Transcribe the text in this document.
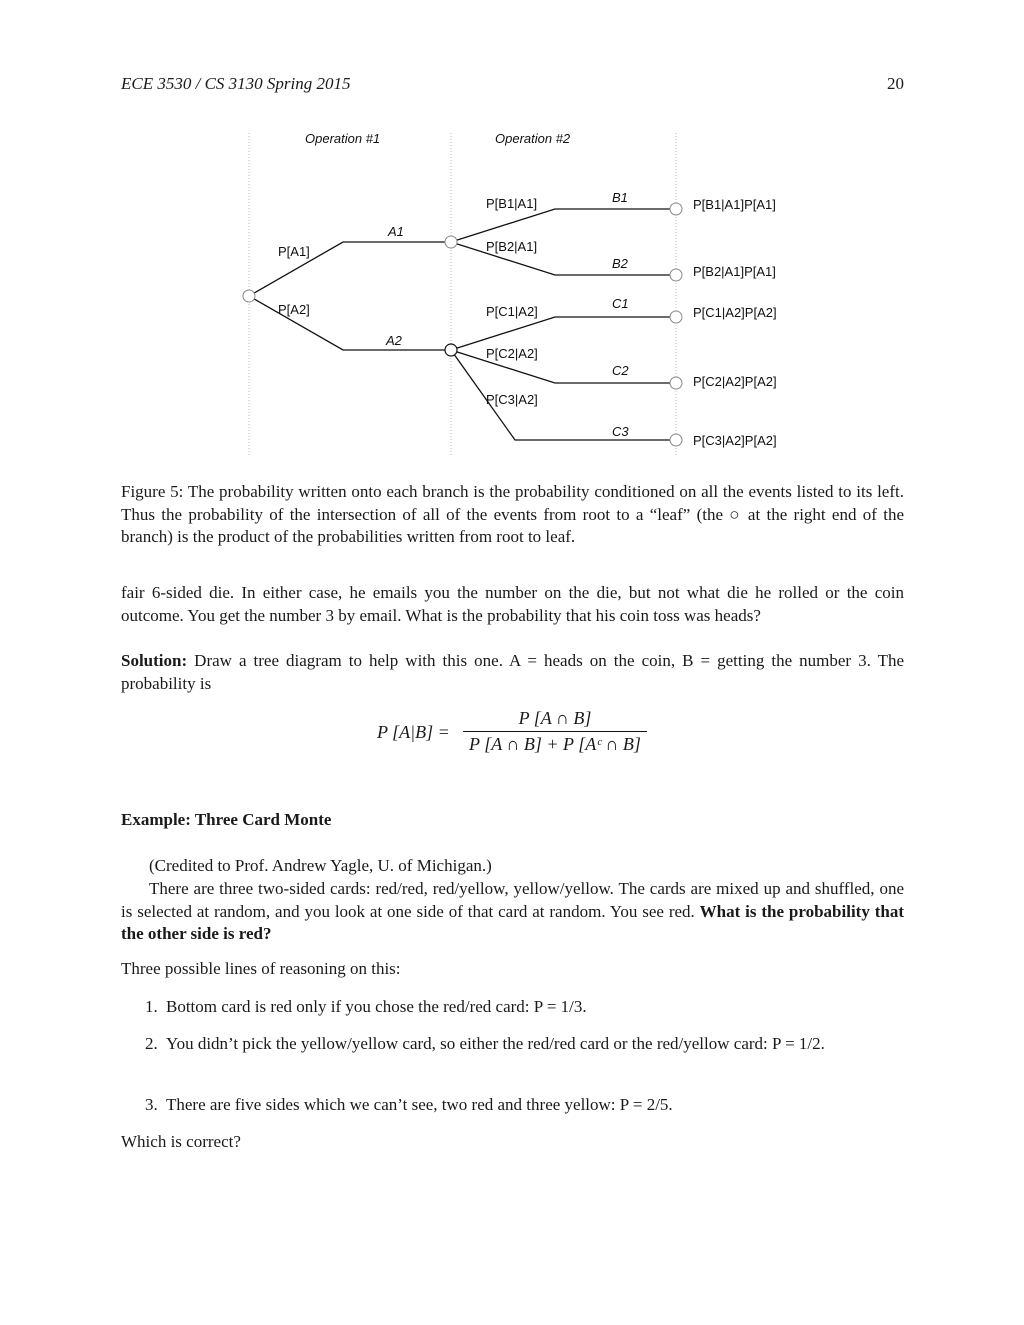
ECE 3530 / CS 3130 Spring 2015	20
Operation #1	Operation #2
P[A1]
P[A2]
A1
A2
P[B1|A1]
P[B2|A1]
P[C1|A2]
P[C2|A2]
P[C3|A2]
B1
B2
C1
C2
C3
P[B1|A1]P[A1]
P[B2|A1]P[A1]
P[C1|A2]P[A2]
P[C2|A2]P[A2]
P[C3|A2]P[A2]
Figure 5: The probability written onto each branch is the probability conditioned on all the events listed to its left. Thus the probability of the intersection of all of the events from root to a “leaf” (the ○ at the right end of the branch) is the product of the probabilities written from root to leaf.
fair 6-sided die. In either case, he emails you the number on the die, but not what die he rolled or the coin outcome. You get the number 3 by email. What is the probability that his coin toss was heads?
Solution: Draw a tree diagram to help with this one. A = heads on the coin, B = getting the number 3. The probability is
P [A|B] =
P [A ∩ B]
P [A ∩ B] + P [Aᶜ ∩ B]
Example: Three Card Monte
(Credited to Prof. Andrew Yagle, U. of Michigan.)
There are three two-sided cards: red/red, red/yellow, yellow/yellow. The cards are mixed up and shuffled, one is selected at random, and you look at one side of that card at random. You see red. What is the probability that the other side is red?
Three possible lines of reasoning on this:
1. Bottom card is red only if you chose the red/red card: P = 1/3.
2. You didn’t pick the yellow/yellow card, so either the red/red card or the red/yellow card: P = 1/2.
3. There are five sides which we can’t see, two red and three yellow: P = 2/5.
Which is correct?
